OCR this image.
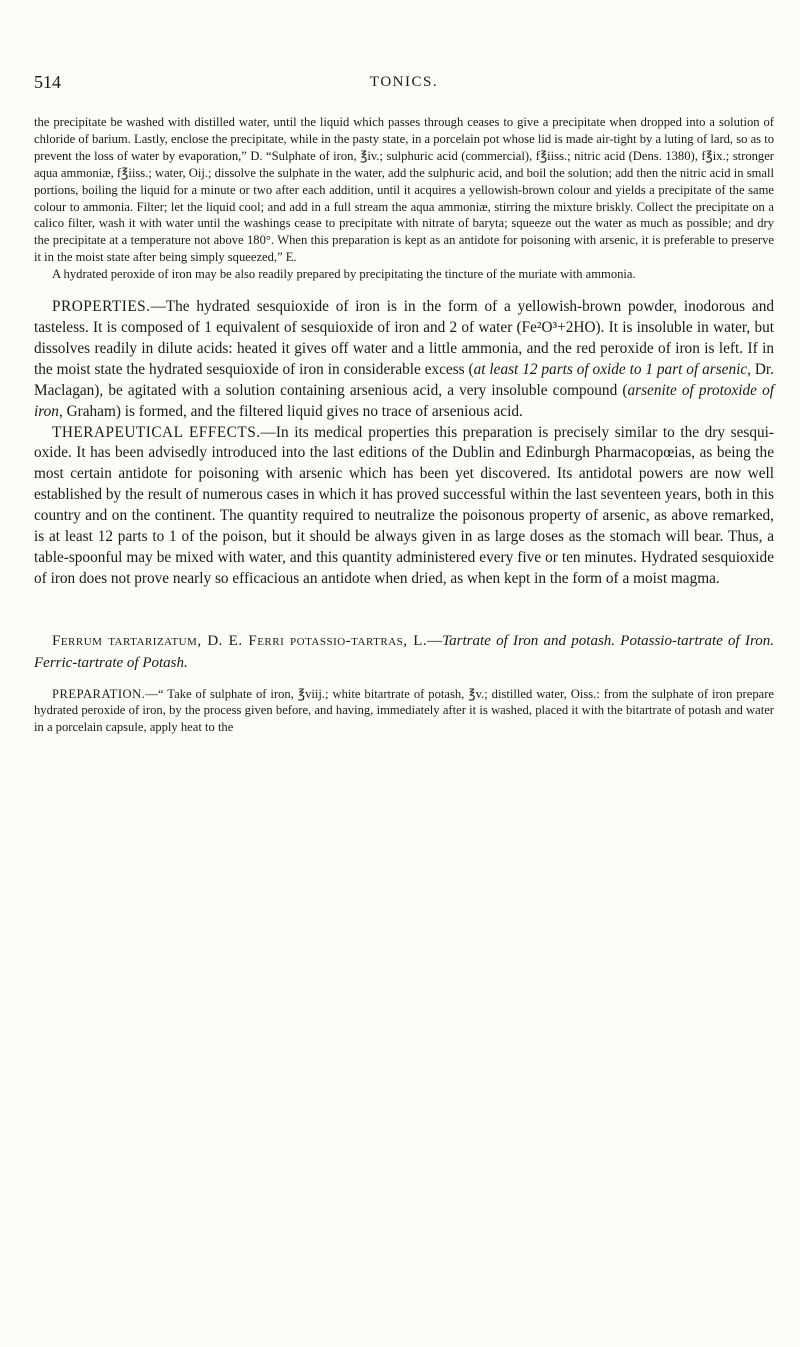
514	TONICS.

the precipitate be washed with distilled water, until the liquid which passes through ceases to give a precipitate when dropped into a solution of chloride of barium. Lastly, enclose the precipitate, while in the pasty state, in a porcelain pot whose lid is made air-tight by a luting of lard, so as to prevent the loss of water by evaporation,” D. “Sulphate of iron, ℥iv.; sulphuric acid (commercial), f℥iiss.; nitric acid (Dens. 1380), f℥ix.; stronger aqua ammoniæ, f℥iiss.; water, Oij.; dissolve the sulphate in the water, add the sulphuric acid, and boil the solution; add then the nitric acid in small portions, boiling the liquid for a minute or two after each addition, until it acquires a yellowish-brown colour and yields a precipitate of the same colour to ammonia. Filter; let the liquid cool; and add in a full stream the aqua ammoniæ, stirring the mixture briskly. Collect the precipitate on a calico filter, wash it with water until the washings cease to precipitate with nitrate of baryta; squeeze out the water as much as possible; and dry the precipitate at a temperature not above 180°. When this preparation is kept as an antidote for poisoning with arsenic, it is preferable to preserve it in the moist state after being simply squeezed,” E.

A hydrated peroxide of iron may be also readily prepared by precipitating the tincture of the muriate with ammonia.

PROPERTIES.—The hydrated sesquioxide of iron is in the form of a yellowish-brown powder, inodorous and tasteless. It is composed of 1 equivalent of sesquioxide of iron and 2 of water (Fe²O³+2HO). It is insoluble in water, but dissolves readily in dilute acids: heated it gives off water and a little ammonia, and the red peroxide of iron is left. If in the moist state the hydrated sesquioxide of iron in considerable excess (at least 12 parts of oxide to 1 part of arsenic, Dr. Maclagan), be agitated with a solution containing arsenious acid, a very insoluble compound (arsenite of protoxide of iron, Graham) is formed, and the filtered liquid gives no trace of arsenious acid.

THERAPEUTICAL EFFECTS.—In its medical properties this preparation is precisely similar to the dry sesqui-oxide. It has been advisedly introduced into the last editions of the Dublin and Edinburgh Pharmacopœias, as being the most certain antidote for poisoning with arsenic which has been yet discovered. Its antidotal powers are now well established by the result of numerous cases in which it has proved successful within the last seventeen years, both in this country and on the continent. The quantity required to neutralize the poisonous property of arsenic, as above remarked, is at least 12 parts to 1 of the poison, but it should be always given in as large doses as the stomach will bear. Thus, a table-spoonful may be mixed with water, and this quantity administered every five or ten minutes. Hydrated sesquioxide of iron does not prove nearly so efficacious an antidote when dried, as when kept in the form of a moist magma.

Ferrum tartarizatum, D. E. Ferri potassio-tartras, L.—Tartrate of Iron and potash. Potassio-tartrate of Iron. Ferric-tartrate of Potash.

PREPARATION.—“ Take of sulphate of iron, ℥viij.; white bitartrate of potash, ℥v.; distilled water, Oiss.: from the sulphate of iron prepare hydrated peroxide of iron, by the process given before, and having, immediately after it is washed, placed it with the bitartrate of potash and water in a porcelain capsule, apply heat to the
